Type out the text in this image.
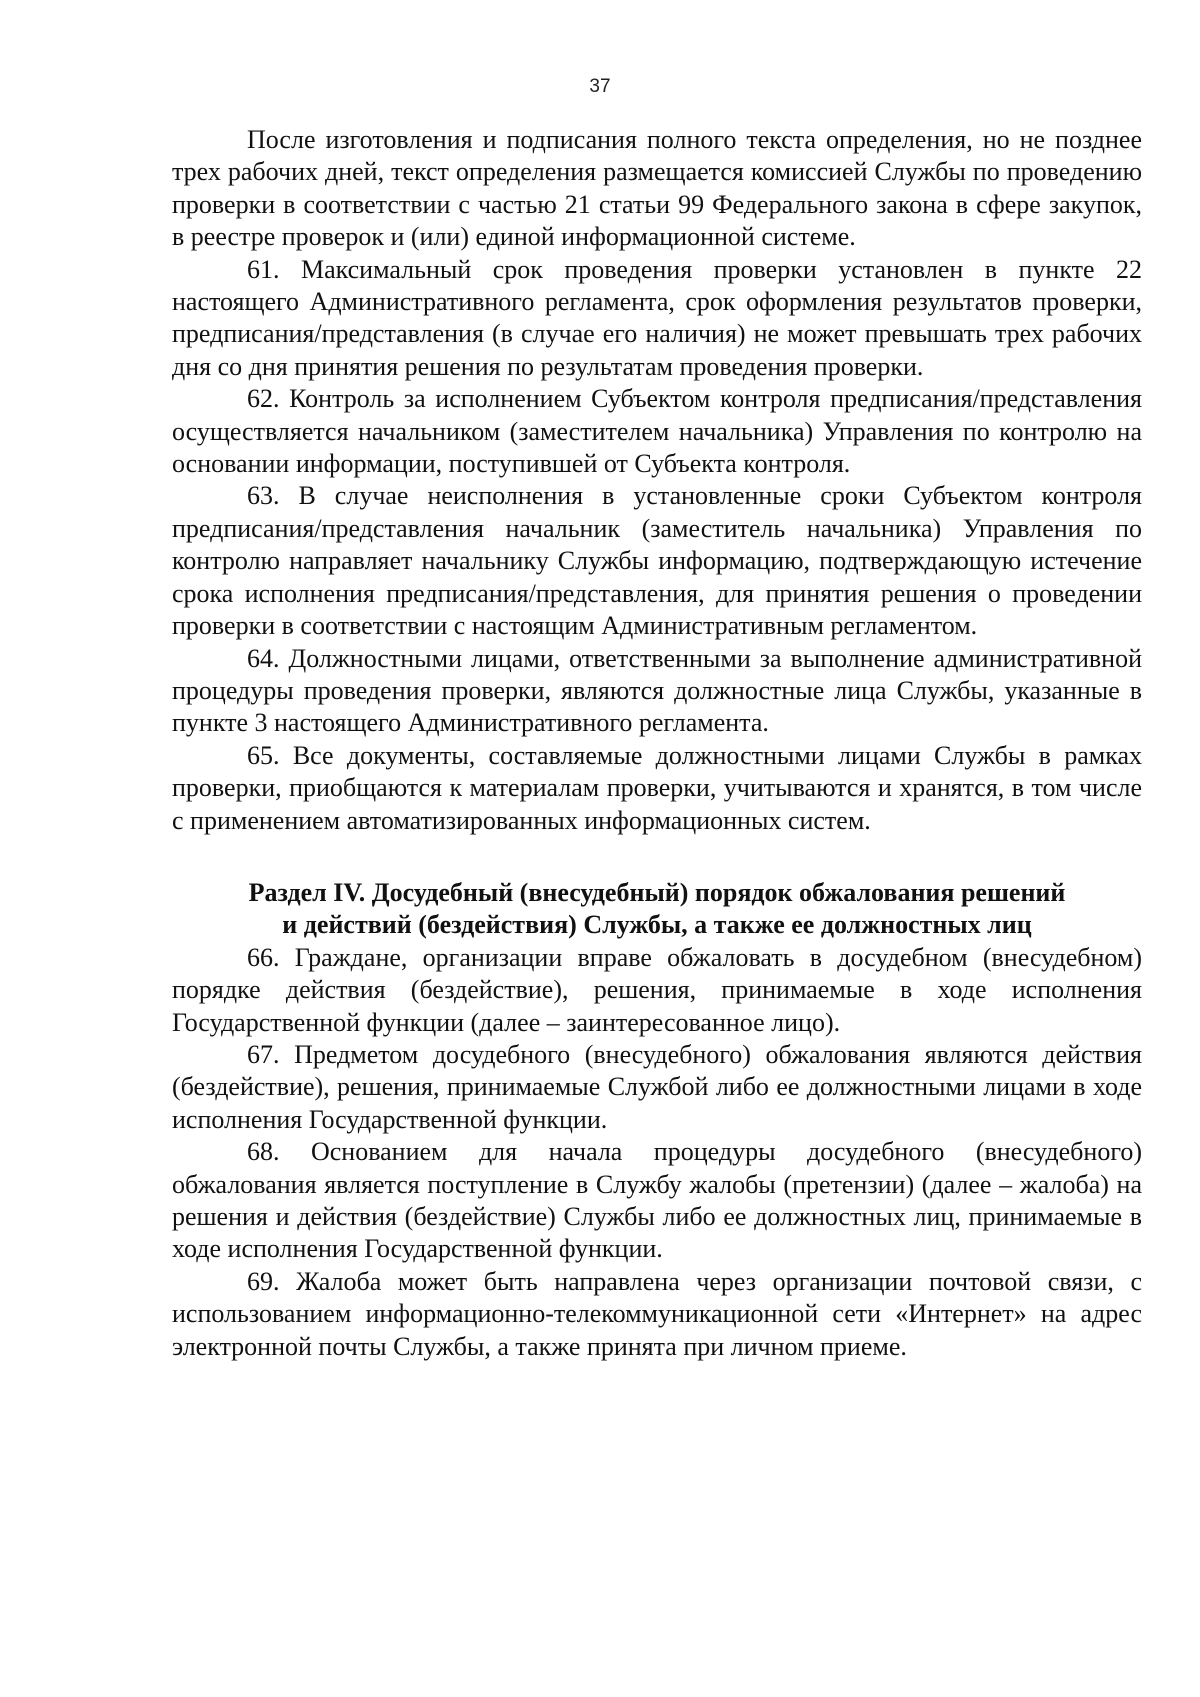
37

После изготовления и подписания полного текста определения, но не позднее трех рабочих дней, текст определения размещается комиссией Службы по проведению проверки в соответствии с частью 21 статьи 99 Федерального закона в сфере закупок, в реестре проверок и (или) единой информационной системе.

61. Максимальный срок проведения проверки установлен в пункте 22 настоящего Административного регламента, срок оформления результатов проверки, предписания/представления (в случае его наличия) не может превышать трех рабочих дня со дня принятия решения по результатам проведения проверки.

62. Контроль за исполнением Субъектом контроля предписания/представления осуществляется начальником (заместителем начальника) Управления по контролю на основании информации, поступившей от Субъекта контроля.

63. В случае неисполнения в установленные сроки Субъектом контроля предписания/представления начальник (заместитель начальника) Управления по контролю направляет начальнику Службы информацию, подтверждающую истечение срока исполнения предписания/представления, для принятия решения о проведении проверки в соответствии с настоящим Административным регламентом.

64. Должностными лицами, ответственными за выполнение административной процедуры проведения проверки, являются должностные лица Службы, указанные в пункте 3 настоящего Административного регламента.

65. Все документы, составляемые должностными лицами Службы в рамках проверки, приобщаются к материалам проверки, учитываются и хранятся, в том числе с применением автоматизированных информационных систем.

Раздел IV. Досудебный (внесудебный) порядок обжалования решений
и действий (бездействия) Службы, а также ее должностных лиц

66. Граждане, организации вправе обжаловать в досудебном (внесудебном) порядке действия (бездействие), решения, принимаемые в ходе исполнения Государственной функции (далее – заинтересованное лицо).

67. Предметом досудебного (внесудебного) обжалования являются действия (бездействие), решения, принимаемые Службой либо ее должностными лицами в ходе исполнения Государственной функции.

68. Основанием для начала процедуры досудебного (внесудебного) обжалования является поступление в Службу жалобы (претензии) (далее – жалоба) на решения и действия (бездействие) Службы либо ее должностных лиц, принимаемые в ходе исполнения Государственной функции.

69. Жалоба может быть направлена через организации почтовой связи, с использованием информационно-телекоммуникационной сети «Интернет» на адрес электронной почты Службы, а также принята при личном приеме.
